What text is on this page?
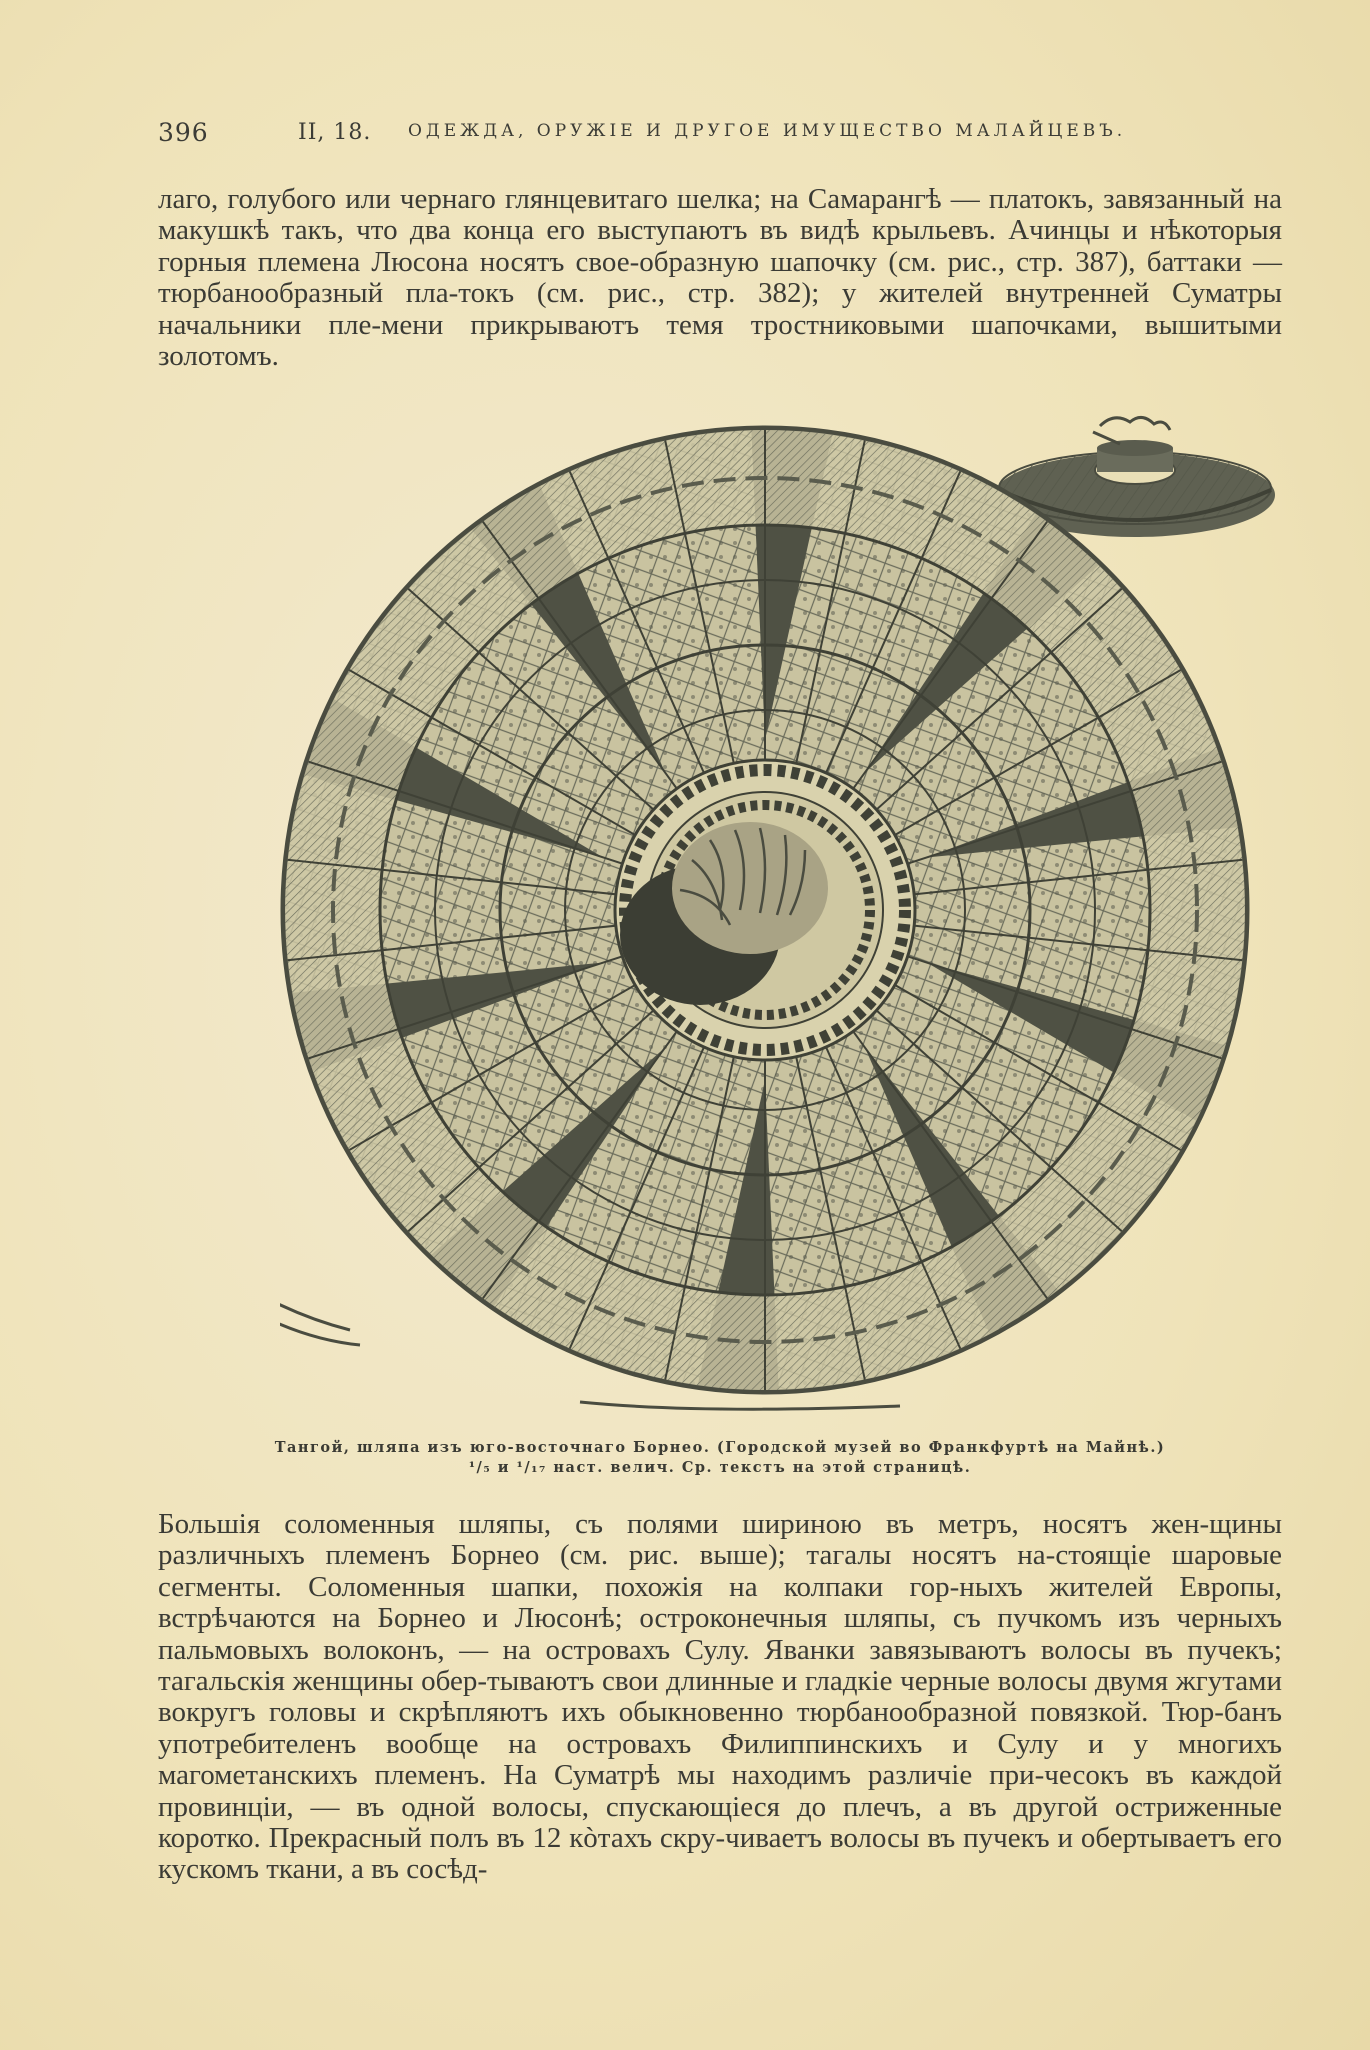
396	II, 18. ОДЕЖДА, ОРУЖІЕ И ДРУГОЕ ИМУЩЕСТВО МАЛАЙЦЕВЪ.

лаго, голубого или чернаго глянцевитаго шелка; на Самарангѣ — платокъ, завязанный на макушкѣ такъ, что два конца его выступаютъ въ видѣ крыльевъ. Ачинцы и нѣкоторыя горныя племена Люсона носятъ свое-образную шапочку (см. рис., стр. 387), баттаки — тюрбанообразный пла-токъ (см. рис., стр. 382); у жителей внутренней Суматры начальники пле-мени прикрываютъ темя тростниковыми шапочками, вышитыми золотомъ.

Тангой, шляпа изъ юго-восточнаго Борнео. (Городской музей во Франкфуртѣ на Майнѣ.)
¹/₅ и ¹/₁₇ наст. велич. Ср. текстъ на этой страницѣ.

Большія соломенныя шляпы, съ полями шириною въ метръ, носятъ жен-щины различныхъ племенъ Борнео (см. рис. выше); тагалы носятъ на-стоящіе шаровые сегменты. Соломенныя шапки, похожія на колпаки гор-ныхъ жителей Европы, встрѣчаются на Борнео и Люсонѣ; остроконечныя шляпы, съ пучкомъ изъ черныхъ пальмовыхъ волоконъ, — на островахъ Сулу. Яванки завязываютъ волосы въ пучекъ; тагальскія женщины обер-тываютъ свои длинные и гладкіе черные волосы двумя жгутами вокругъ головы и скрѣпляютъ ихъ обыкновенно тюрбанообразной повязкой. Тюр-банъ употребителенъ вообще на островахъ Филиппинскихъ и Сулу и у многихъ магометанскихъ племенъ. На Суматрѣ мы находимъ различіе при-чесокъ въ каждой провинціи, — въ одной волосы, спускающіеся до плечъ, а въ другой остриженные коротко. Прекрасный полъ въ 12 кòтахъ скру-чиваетъ волосы въ пучекъ и обертываетъ его кускомъ ткани, а въ сосѣд-
